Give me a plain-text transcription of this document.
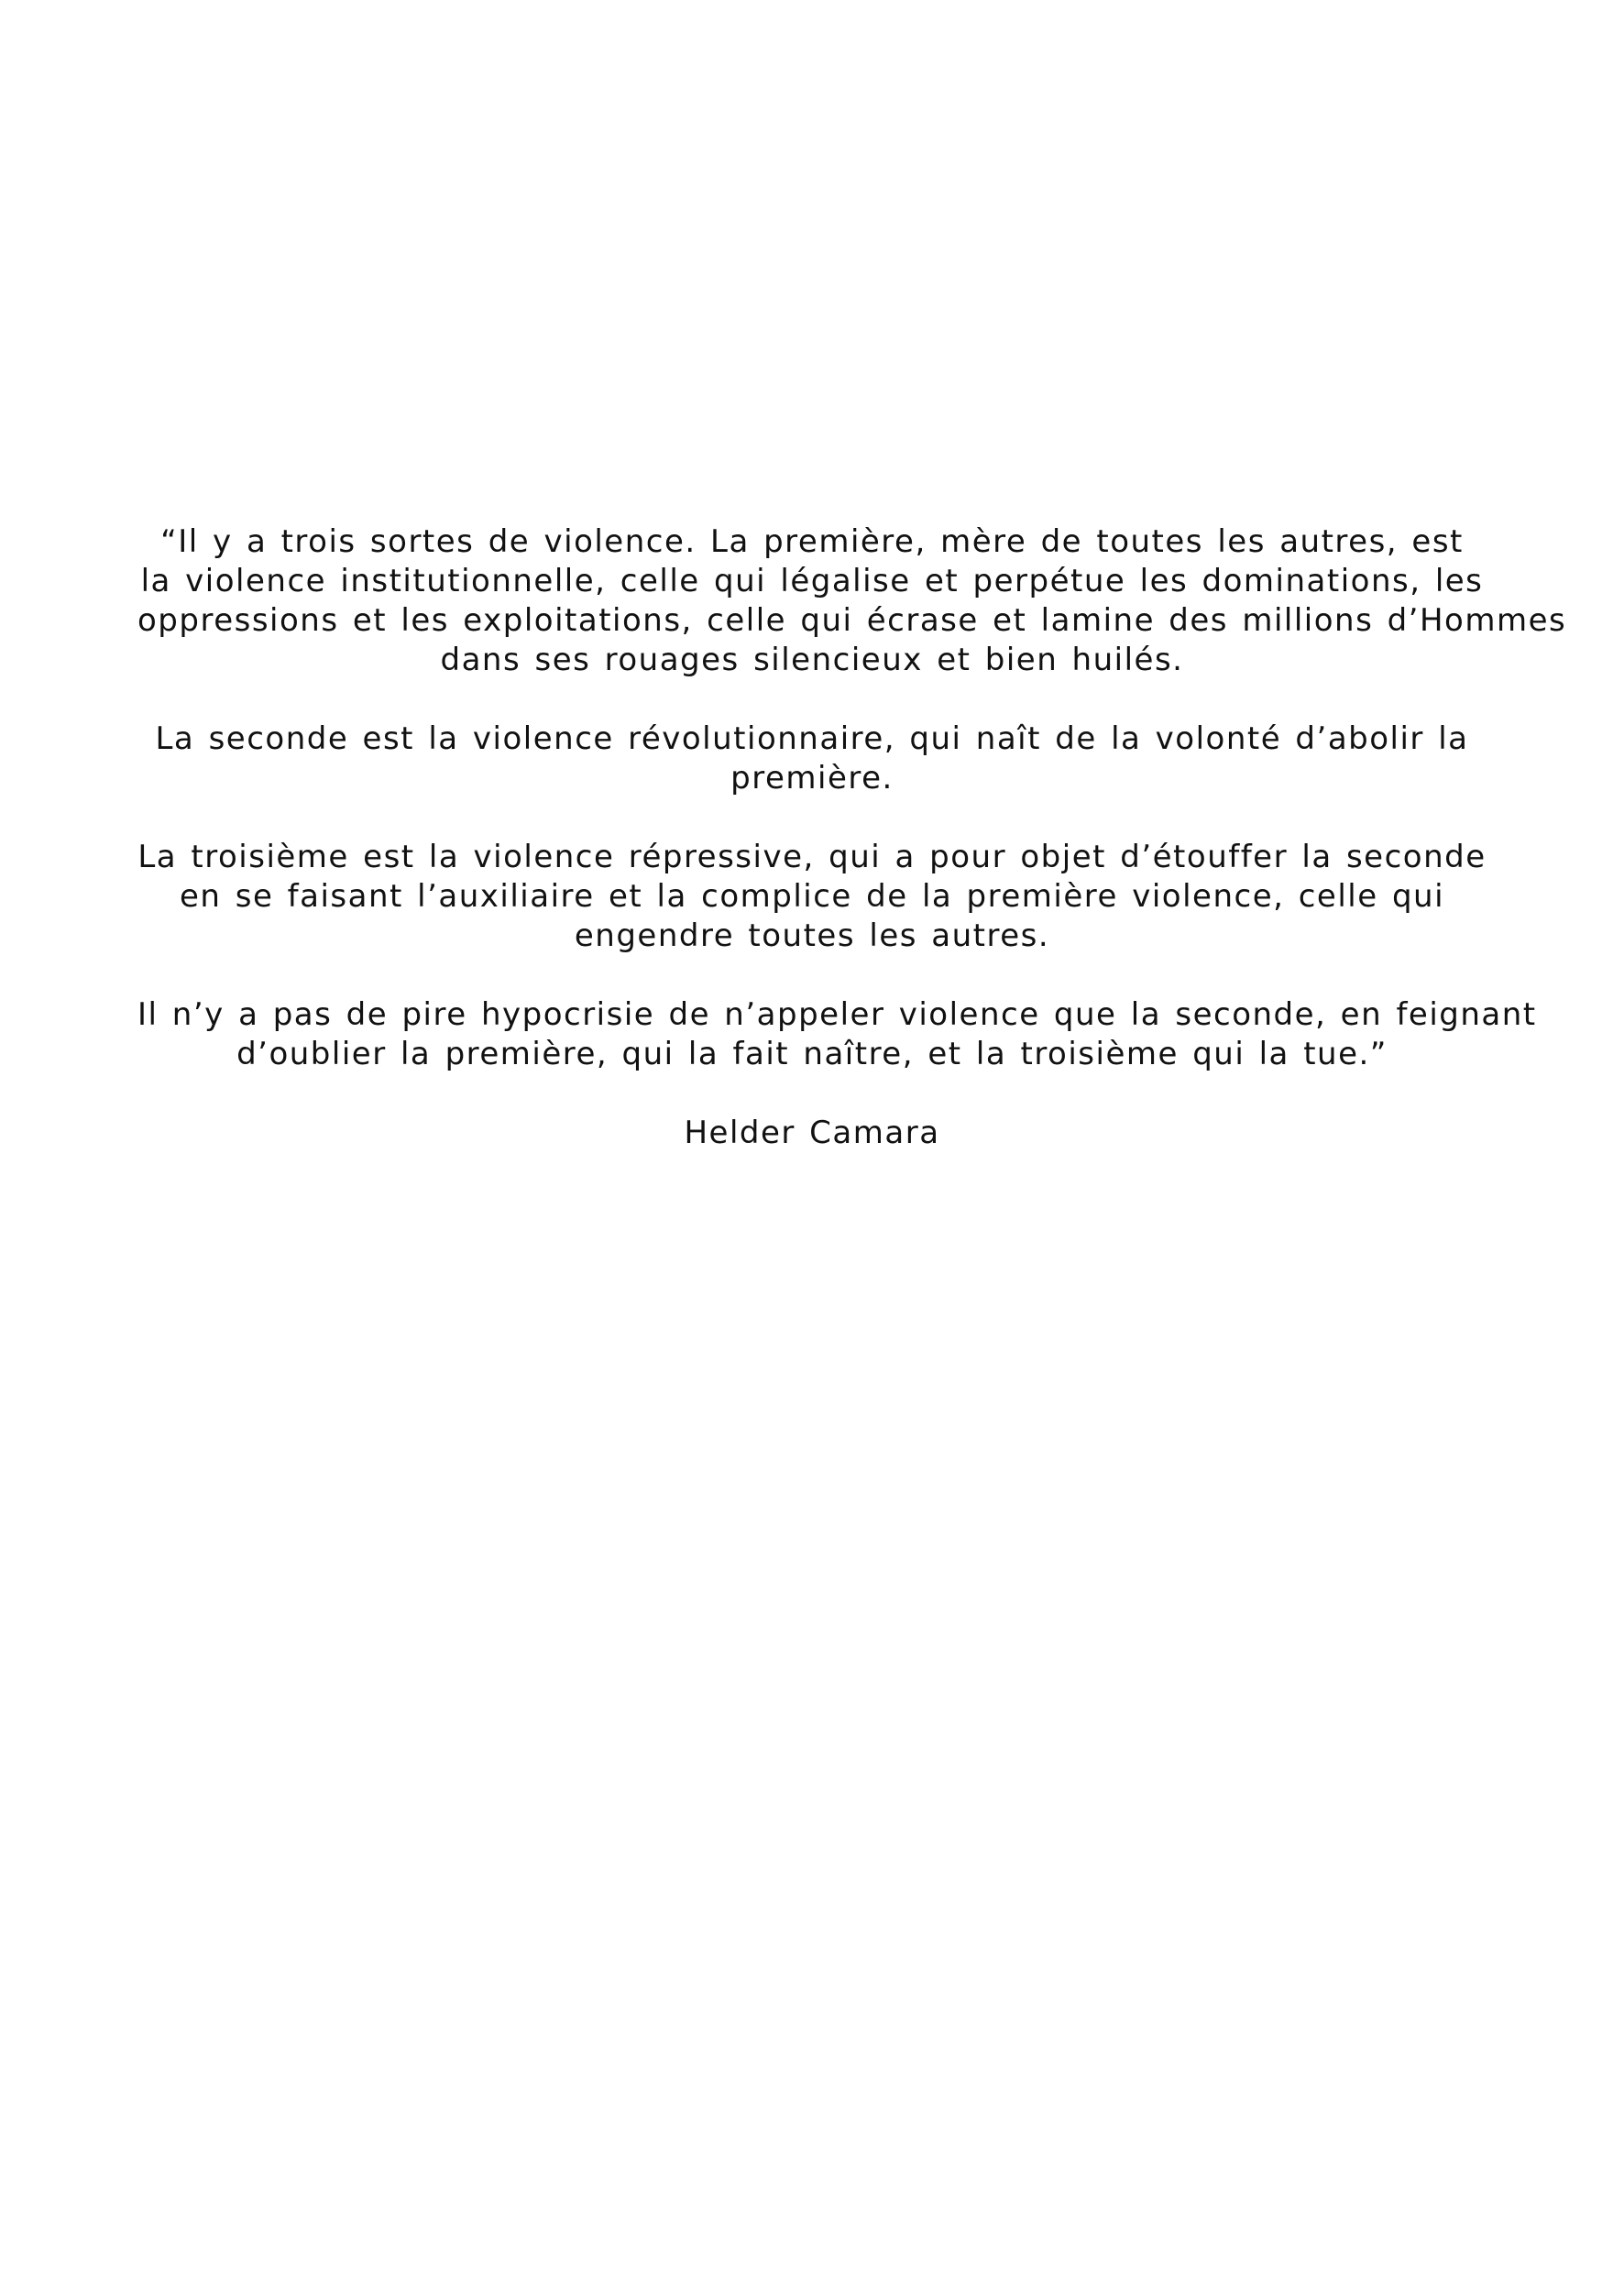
“Il y a trois sortes de violence. La première, mère de toutes les autres, est
la violence institutionnelle, celle qui légalise et perpétue les dominations, les
oppressions et les exploitations, celle qui écrase et lamine des millions d’Hommes
dans ses rouages silencieux et bien huilés.

La seconde est la violence révolutionnaire, qui naît de la volonté d’abolir la
première.

La troisième est la violence répressive, qui a pour objet d’étouffer la seconde
en se faisant l’auxiliaire et la complice de la première violence, celle qui
engendre toutes les autres.

Il n’y a pas de pire hypocrisie de n’appeler violence que la seconde, en feignant
d’oublier la première, qui la fait naître, et la troisième qui la tue.”

Helder Camara
